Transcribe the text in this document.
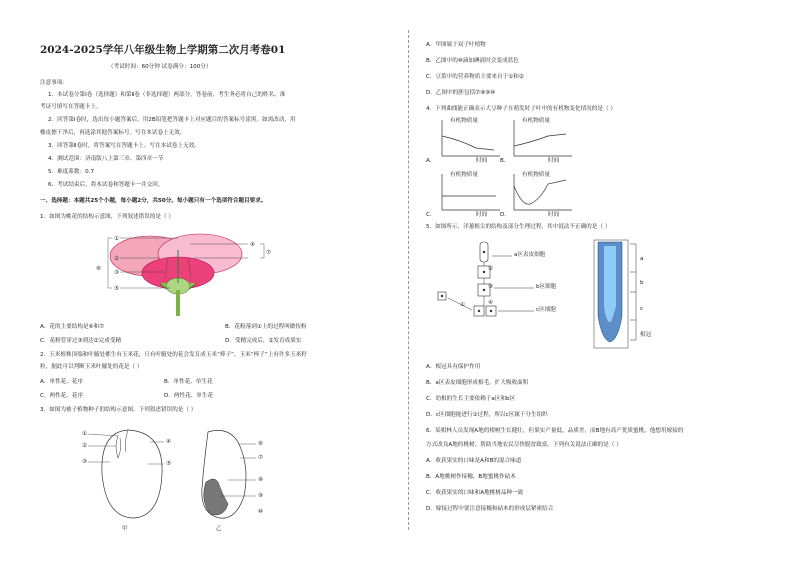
2024-2025学年八年级生物上学期第二次月考卷01
（考试时间：60分钟 试卷满分：100分）
注意事项：
1．本试卷分第Ⅰ卷（选择题）和第Ⅱ卷（非选择题）两部分。答卷前，考生务必将自己的姓名、准
考证号填写在答题卡上。
2．回答第Ⅰ卷时，选出每小题答案后，用2B铅笔把答题卡上对应题目的答案标号涂黑。如需改动，用
橡皮擦干净后，再选涂其他答案标号。写在本试卷上无效。
3．回答第Ⅱ卷时，将答案写在答题卡上。写在本试卷上无效。
4．测试范围：济南版八上第三章、第四章一节
5．难度系数：0.7
6．考试结束后，将本试卷和答题卡一并交回。
一、选择题：本题共25个小题，每小题2分，共50分。每小题只有一个选项符合题目要求。
1．如图为桃花的结构示意图，下列叙述错误的是（ ）
⑥
①
②
③
⑤
④
⑦
A．花的主要结构是⑥和⑦	B．花粉落到①上的过程叫做传粉
C．花粉管穿过③到达②完成受精	D．受精完成后，②发育成果实
2．玉米植株顶端和叶腋处都生有玉米花，只有叶腋处的花会发育成玉米“棒子”，玉米“棒子”上有许多玉米籽
粒，据此可以判断玉米叶腋处的花是（ ）
A．单性花、花序	B．单性花、单生花
C．两性花、花序	D．两性花、单生花
3．如图为被子植物种子的结构示意图，下列叙述错误的是（ ）
①
②
③
④
⑤
⑥
⑦
⑧
⑨
⑩
甲	乙
A．甲图属于双子叶植物
B．乙图中的⑩滴加碘液时会变成蓝色
C．豆浆中的营养物质主要来自于①和②
D．乙图中的胚包括⑦⑧⑨⑩
4．下列曲线能正确表示大豆种子在萌发时子叶中的有机物变化情况的是（ ）
有机物质量	有机物质量
有机物质量	有机物质量
时间	时间
时间	时间
A．	B．
C．	D．
5．如图所示，洋葱根尖的结构及部分生理过程，其中说法不正确的是（ ）
a区表皮细胞
b区细胞
c区细胞
①
②
③
④
a
b
c
根冠
A．根冠具有保护作用
B．a区表皮细胞形成根毛，扩大吸收面积
C．幼根的生长主要依赖于a区和b区
D．c区细胞能进行①过程，所以c区属于分生组织
6．某柑林人员发现A地的柑树生长健壮，但果实产量低，品质差，而B地有高产优质蜜桃，他想用嫁接的
方式改良A地的桃树，帮助当地农民尽快脱贫致富。下列有关说法正确的是（ ）
A．收获果实的口味是A和B的混合味道
B．A地桃树作接穗，B地蜜桃作砧木
C．收获果实的口味和A地桃树品种一致
D．嫁接过程中要注意接穗和砧木的形成层紧密结合
